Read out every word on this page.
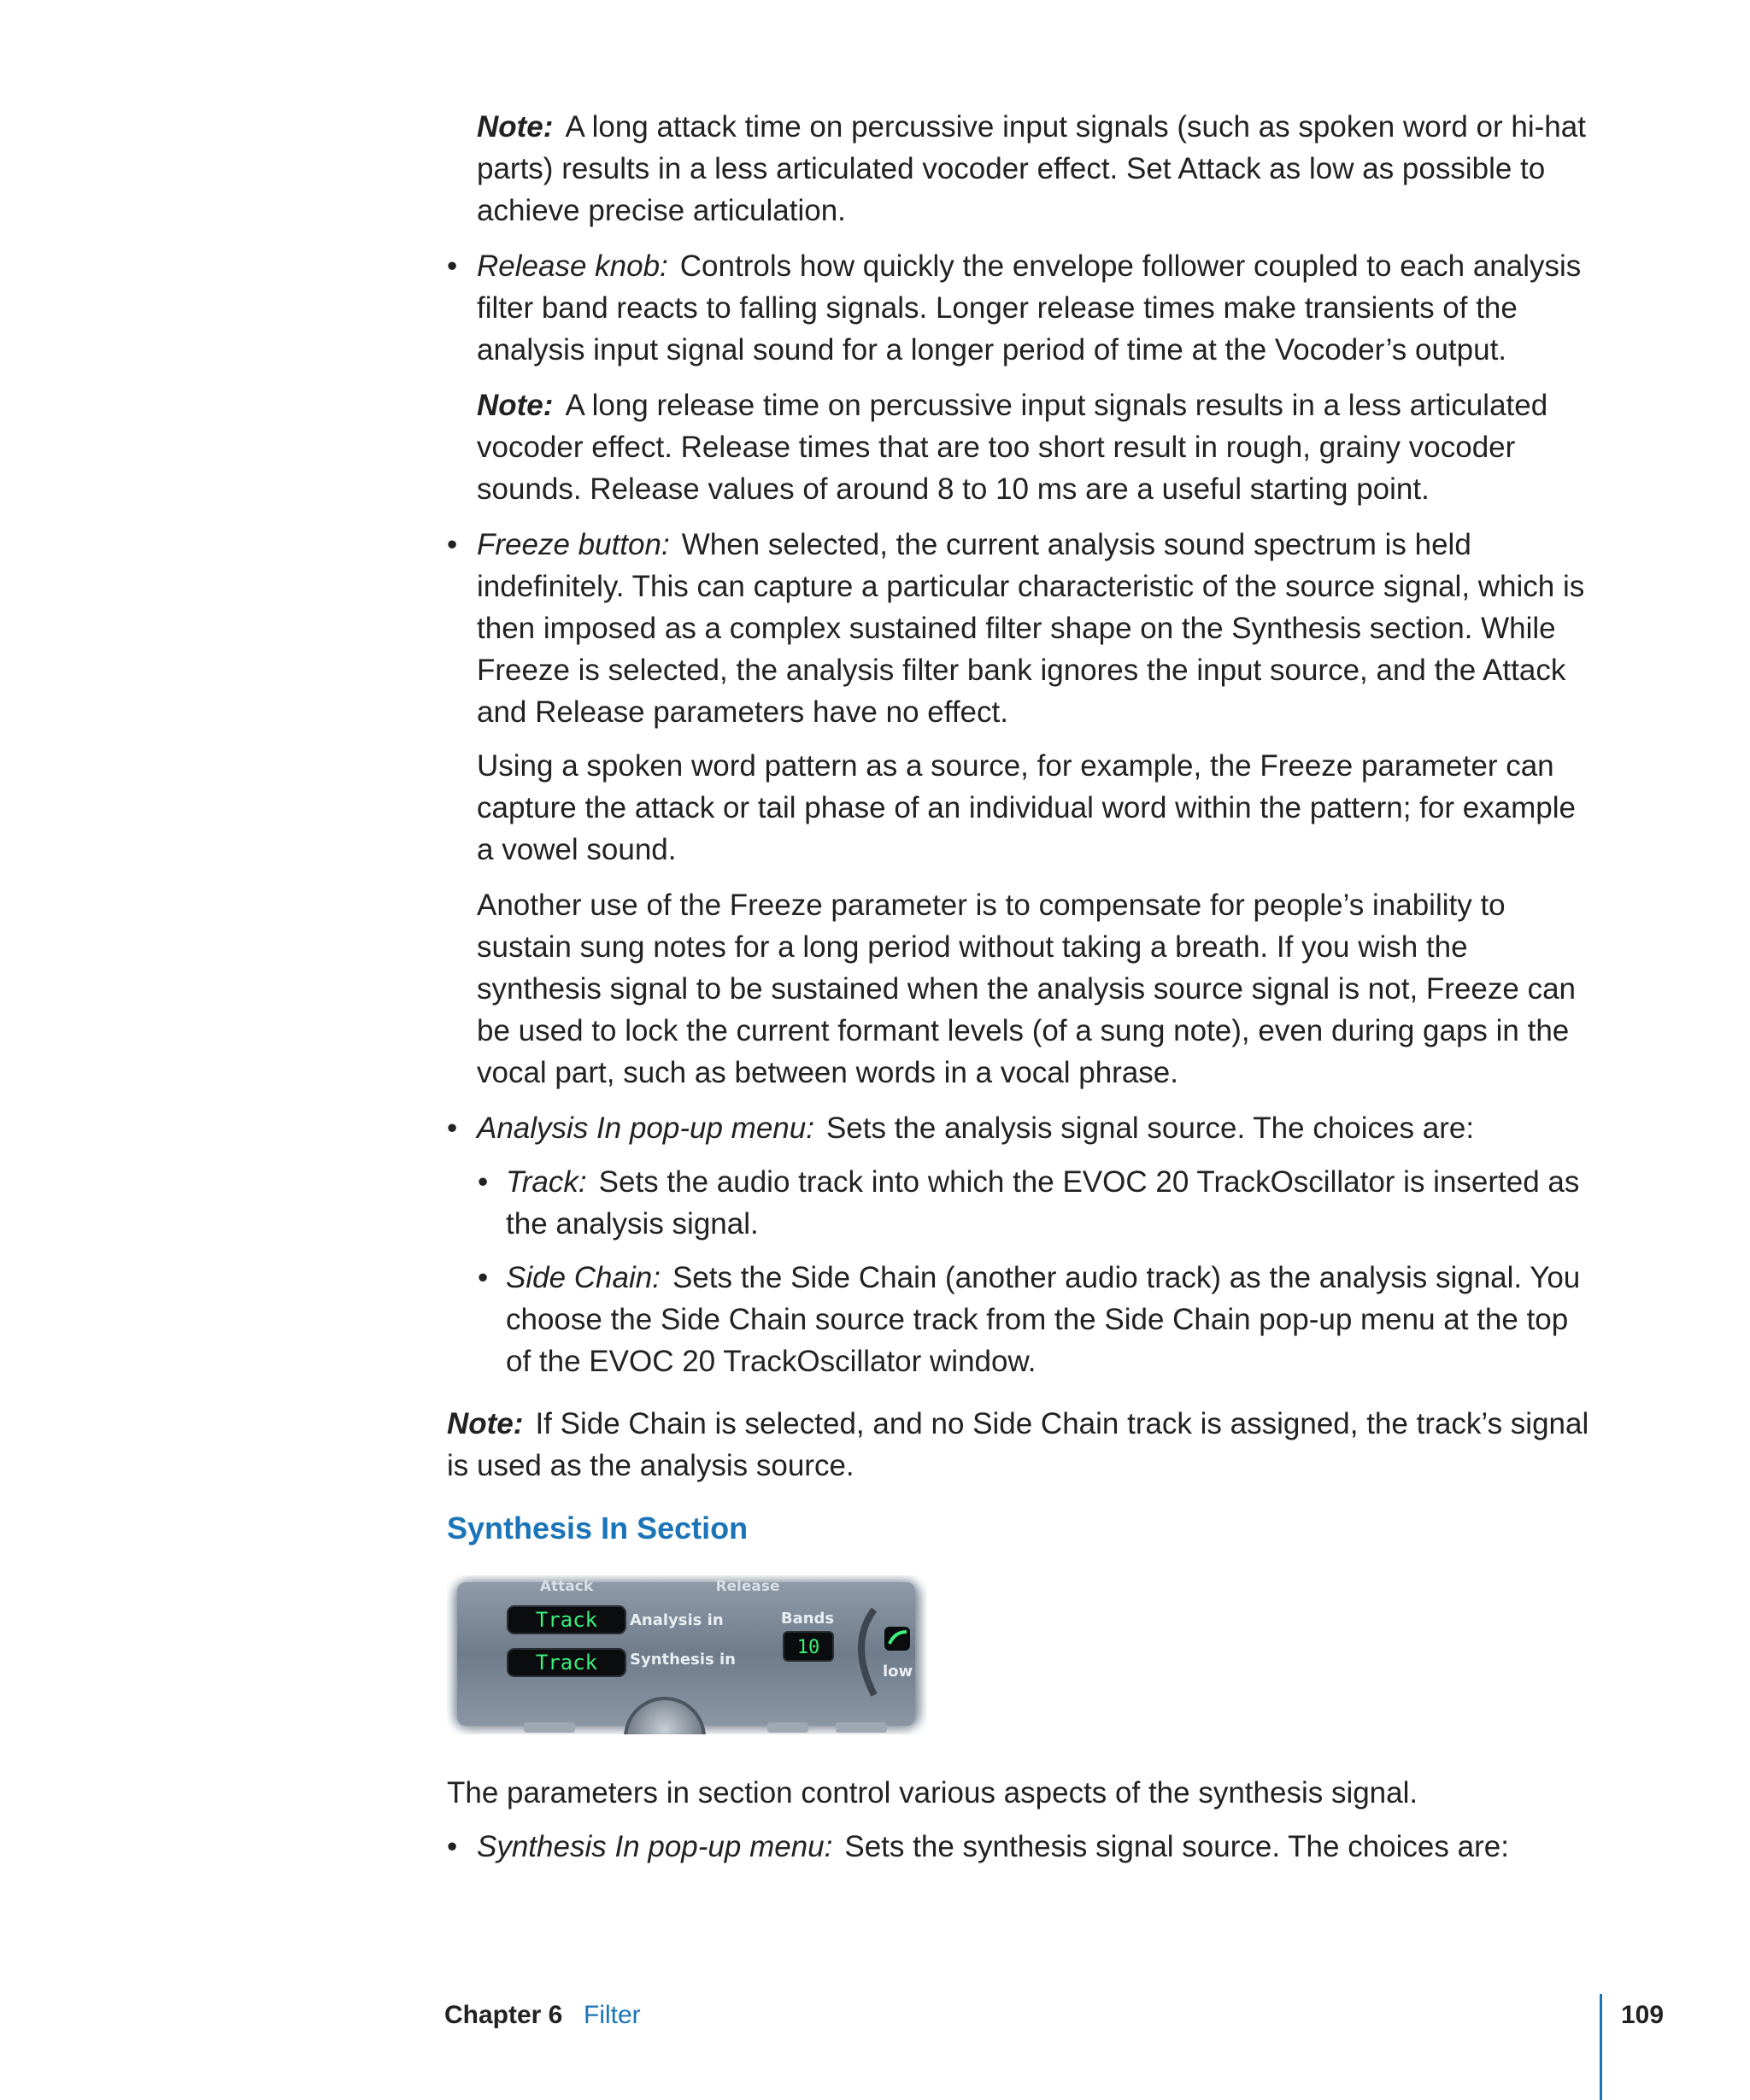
Note: A long attack time on percussive input signals (such as spoken word or hi-hat parts) results in a less articulated vocoder effect. Set Attack as low as possible to achieve precise articulation.

• Release knob: Controls how quickly the envelope follower coupled to each analysis filter band reacts to falling signals. Longer release times make transients of the analysis input signal sound for a longer period of time at the Vocoder’s output.

Note: A long release time on percussive input signals results in a less articulated vocoder effect. Release times that are too short result in rough, grainy vocoder sounds. Release values of around 8 to 10 ms are a useful starting point.

• Freeze button: When selected, the current analysis sound spectrum is held indefinitely. This can capture a particular characteristic of the source signal, which is then imposed as a complex sustained filter shape on the Synthesis section. While Freeze is selected, the analysis filter bank ignores the input source, and the Attack and Release parameters have no effect.

Using a spoken word pattern as a source, for example, the Freeze parameter can capture the attack or tail phase of an individual word within the pattern; for example a vowel sound.

Another use of the Freeze parameter is to compensate for people’s inability to sustain sung notes for a long period without taking a breath. If you wish the synthesis signal to be sustained when the analysis source signal is not, Freeze can be used to lock the current formant levels (of a sung note), even during gaps in the vocal part, such as between words in a vocal phrase.

• Analysis In pop-up menu: Sets the analysis signal source. The choices are:

• Track: Sets the audio track into which the EVOC 20 TrackOscillator is inserted as the analysis signal.

• Side Chain: Sets the Side Chain (another audio track) as the analysis signal. You choose the Side Chain source track from the Side Chain pop-up menu at the top of the EVOC 20 TrackOscillator window.

Note: If Side Chain is selected, and no Side Chain track is assigned, the track’s signal is used as the analysis source.

Synthesis In Section
Attack	Release
Track Analysis in
Track Synthesis in
Bands
10
low

The parameters in section control various aspects of the synthesis signal.

• Synthesis In pop-up menu: Sets the synthesis signal source. The choices are:

Chapter 6 Filter	109
